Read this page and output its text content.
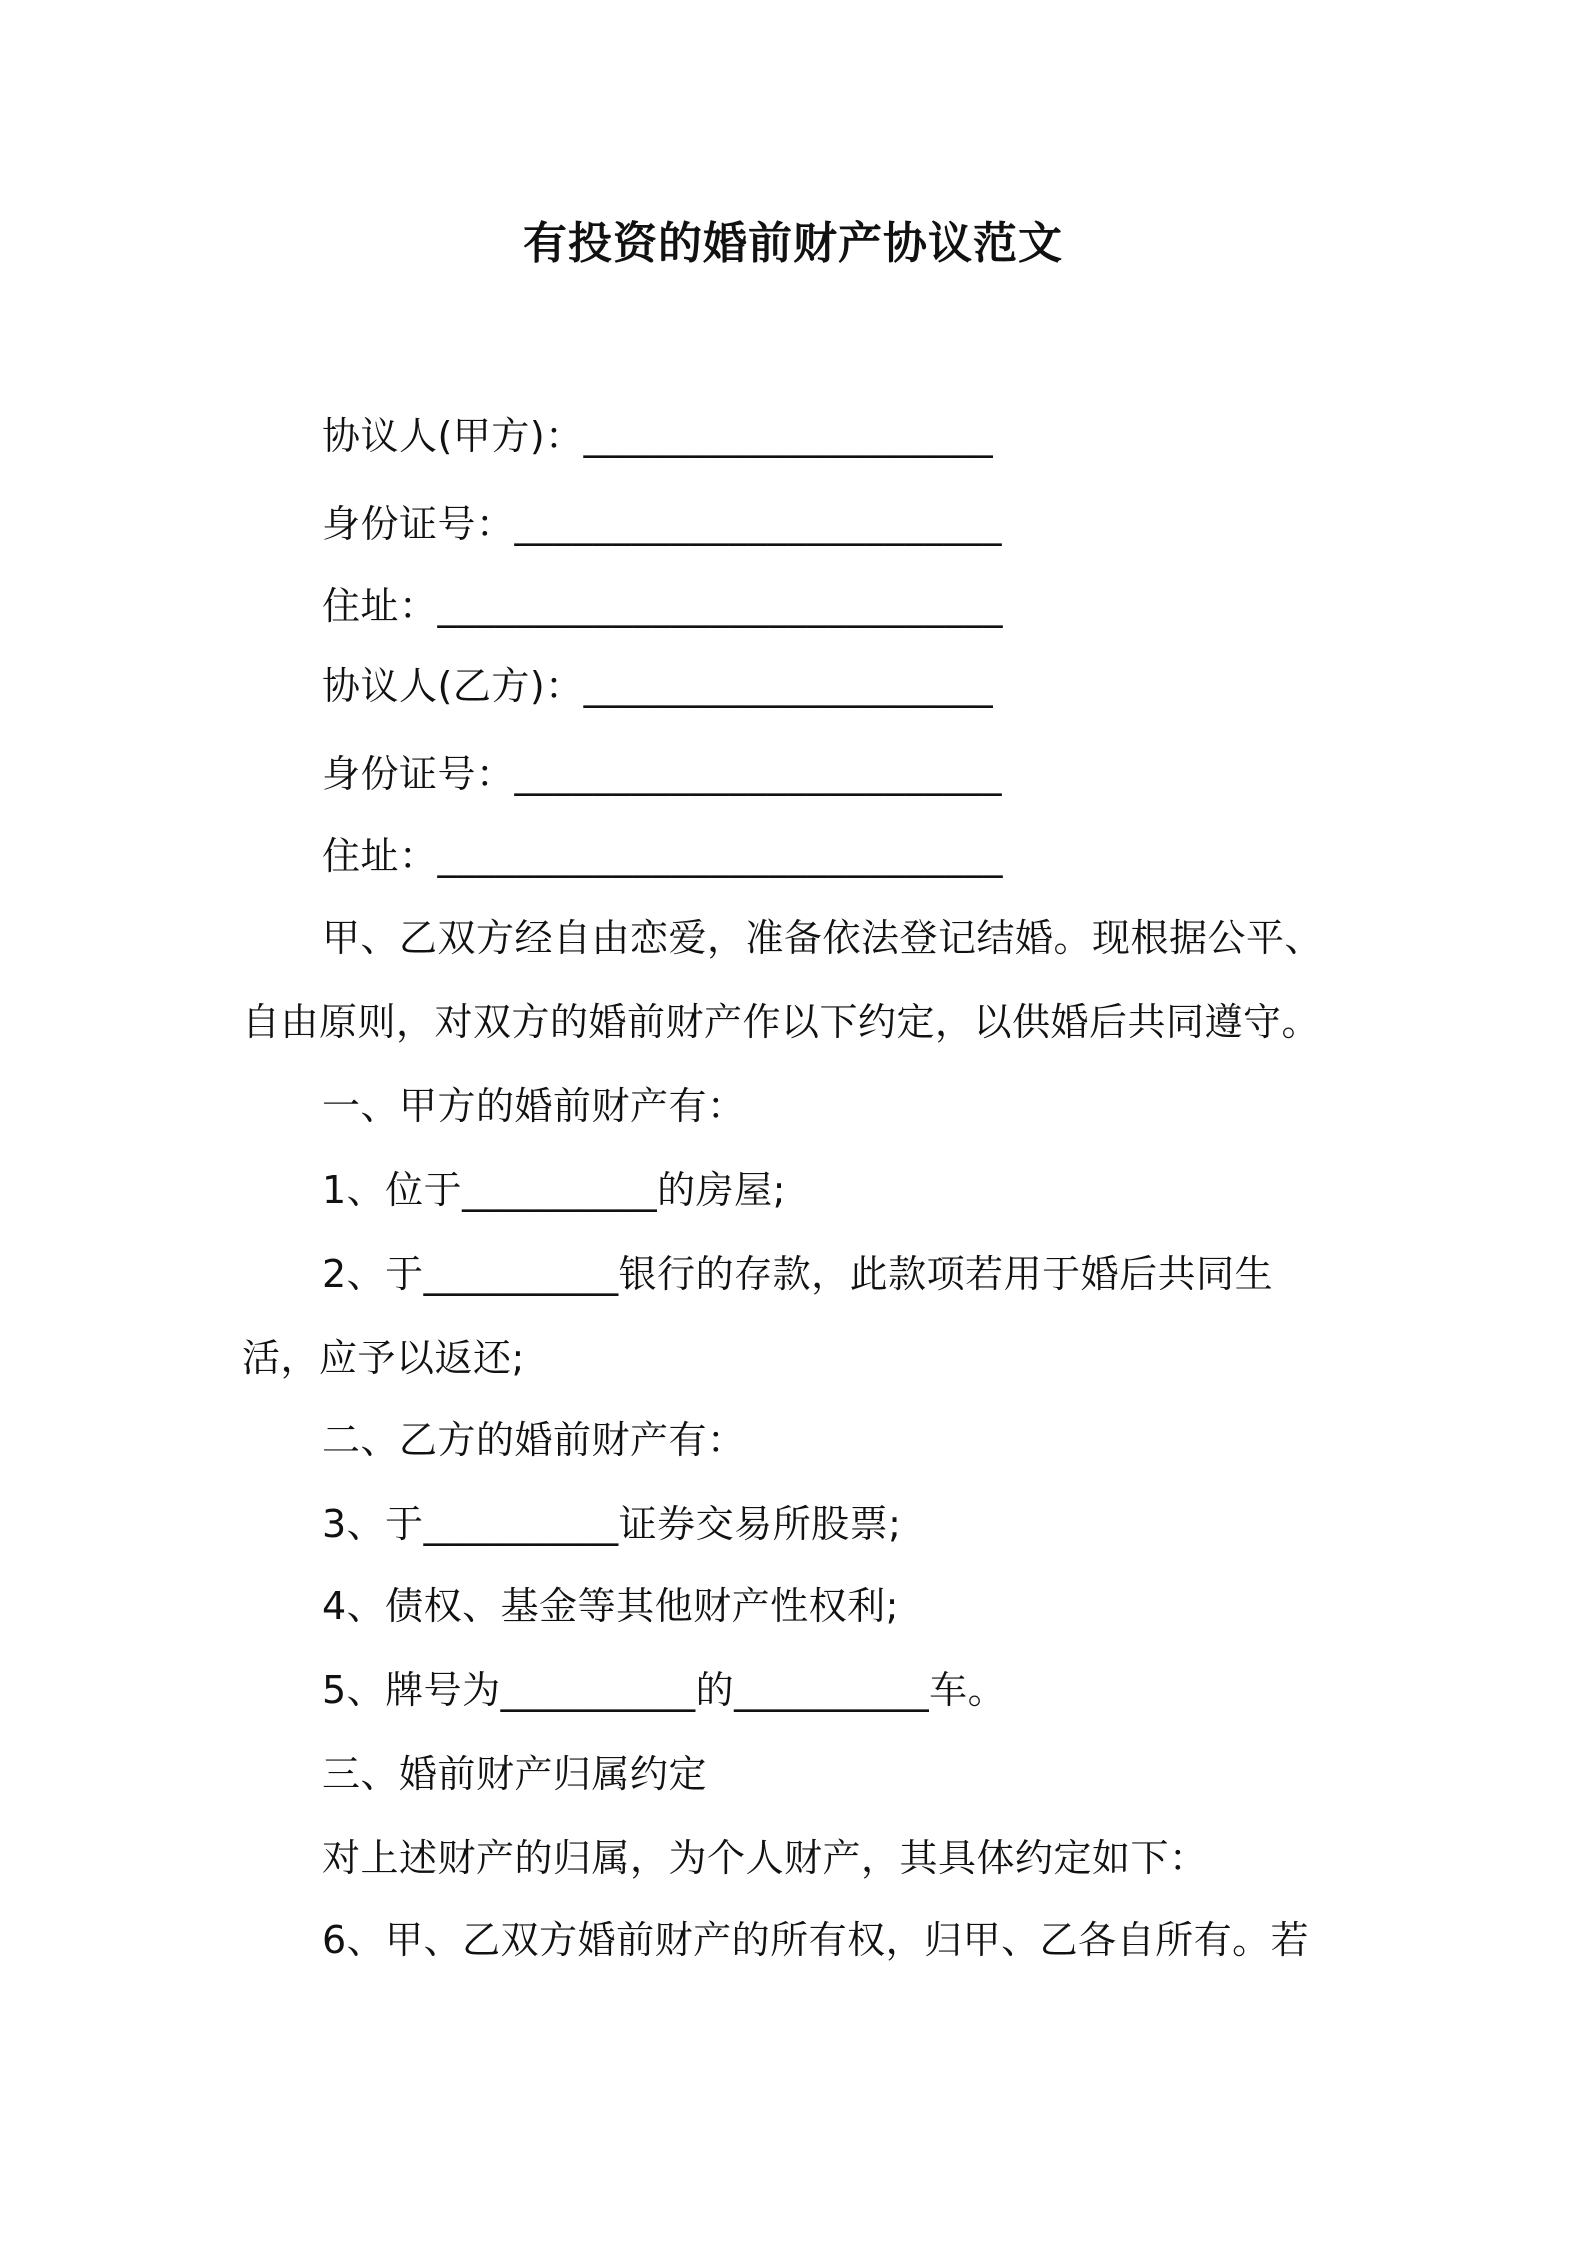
有投资的婚前财产协议范文
协议人(甲方)：_____________________
身份证号：_________________________
住址：_____________________________
协议人(乙方)：_____________________
身份证号：_________________________
住址：_____________________________
甲、乙双方经自由恋爱，准备依法登记结婚。现根据公平、
自由原则，对双方的婚前财产作以下约定，以供婚后共同遵守。
一、甲方的婚前财产有：
1、位于__________的房屋;
2、于__________银行的存款，此款项若用于婚后共同生
活，应予以返还;
二、乙方的婚前财产有：
3、于__________证券交易所股票;
4、债权、基金等其他财产性权利;
5、牌号为__________的__________车。
三、婚前财产归属约定
对上述财产的归属，为个人财产，其具体约定如下：
6、甲、乙双方婚前财产的所有权，归甲、乙各自所有。若
